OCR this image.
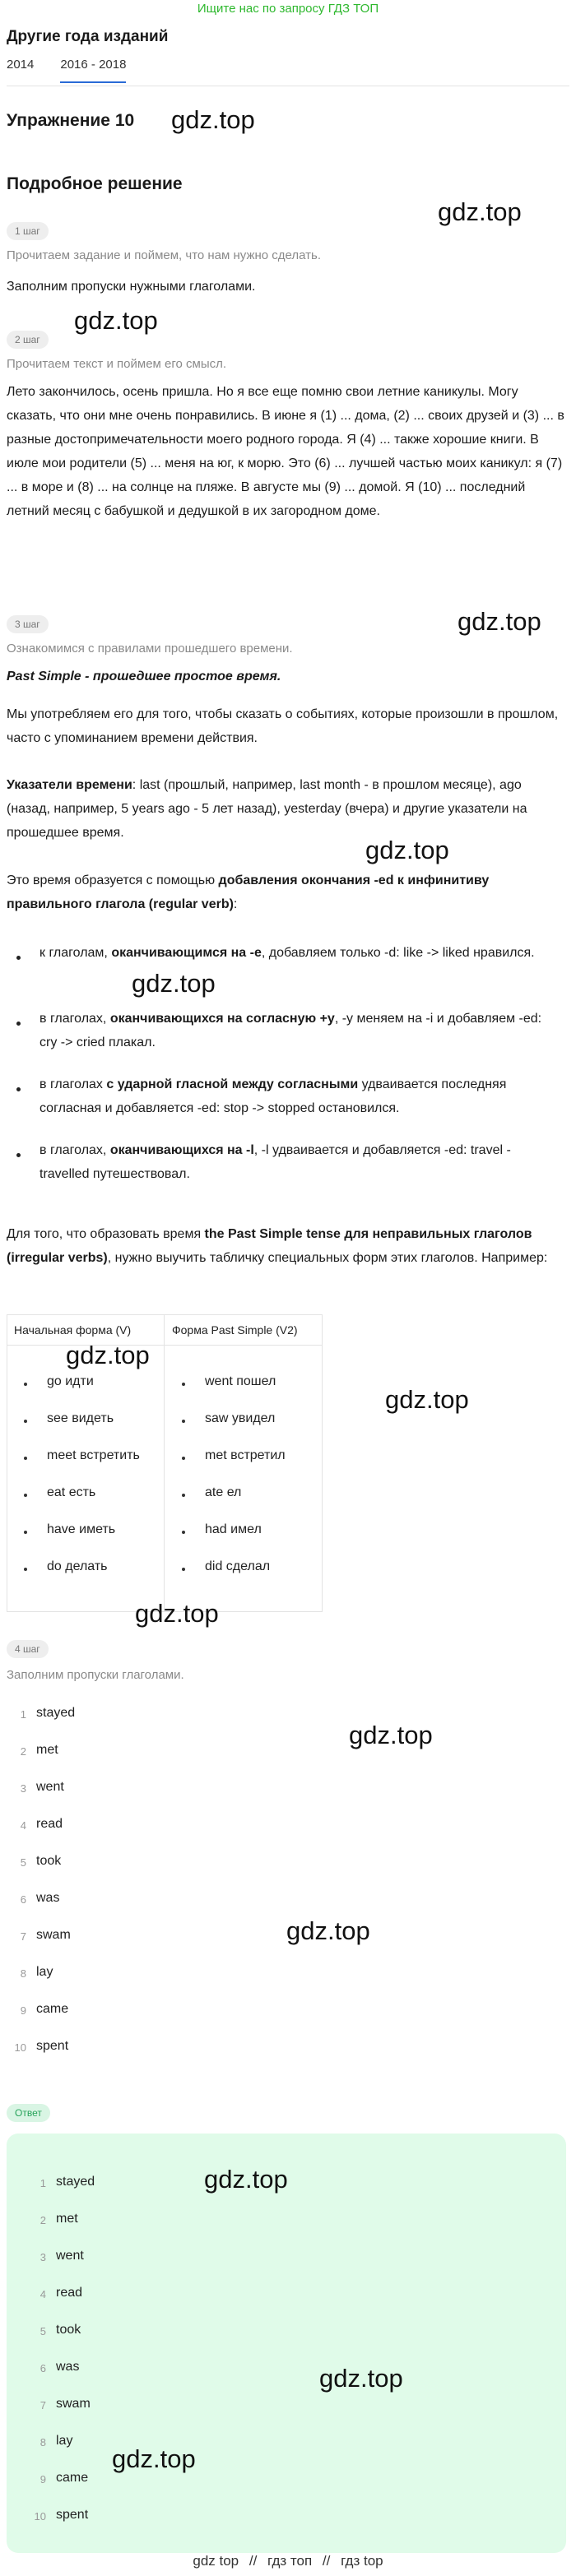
Ищите нас по запросу ГДЗ ТОП
Другие года изданий
2014 2016 - 2018
Упражнение 10 gdz.top
Подробное решение
gdz.top
1 шаг
Прочитаем задание и поймем, что нам нужно сделать.
Заполним пропуски нужными глаголами.
gdz.top
2 шаг
Прочитаем текст и поймем его смысл.
Лето закончилось, осень пришла. Но я все еще помню свои летние каникулы. Могу сказать, что они мне очень понравились. В июне я (1) ... дома, (2) ... своих друзей и (3) ... в разные достопримечательности моего родного города. Я (4) ... также хорошие книги. В июле мои родители (5) ... меня на юг, к морю. Это (6) ... лучшей частью моих каникул: я (7) ... в море и (8) ... на солнце на пляже. В августе мы (9) ... домой. Я (10) ... последний летний месяц с бабушкой и дедушкой в их загородном доме.
3 шаг	gdz.top
Ознакомимся с правилами прошедшего времени.
Past Simple - прошедшее простое время.
Мы употребляем его для того, чтобы сказать о событиях, которые произошли в прошлом, часто с упоминанием времени действия.
Указатели времени: last (прошлый, например, last month - в прошлом месяце), ago (назад, например, 5 years ago - 5 лет назад), yesterday (вчера) и другие указатели на прошедшее время.
gdz.top
Это время образуется с помощью добавления окончания -ed к инфинитиву правильного глагола (regular verb):
к глаголам, оканчивающимся на -e, добавляем только -d: like -> liked нравился.
gdz.top
в глаголах, оканчивающихся на согласную +y, -y меняем на -i и добавляем -ed: cry -> cried плакал.
в глаголах с ударной гласной между согласными удваивается последняя согласная и добавляется -ed: stop -> stopped остановился.
в глаголах, оканчивающихся на -l, -l удваивается и добавляется -ed: travel - travelled путешествовал.
Для того, что образовать время the Past Simple tense для неправильных глаголов (irregular verbs), нужно выучить табличку специальных форм этих глаголов. Например:
Начальная форма (V)	Форма Past Simple (V2)
go идти	went пошел
see видеть	saw увидел
meet встретить	met встретил
eat есть	ate ел
have иметь	had имел
do делать	did сделал
gdz.top
gdz.top
gdz.top
4 шаг
Заполним пропуски глаголами.
gdz.top
gdz.top
1 stayed
2 met
3 went
4 read
5 took
6 was
7 swam
8 lay
9 came
10 spent
Ответ
1 stayed
2 met
3 went
4 read
5 took
6 was
7 swam
8 lay
9 came
10 spent
gdz.top
gdz.top
gdz.top
gdz top // гдз топ // гдз top
